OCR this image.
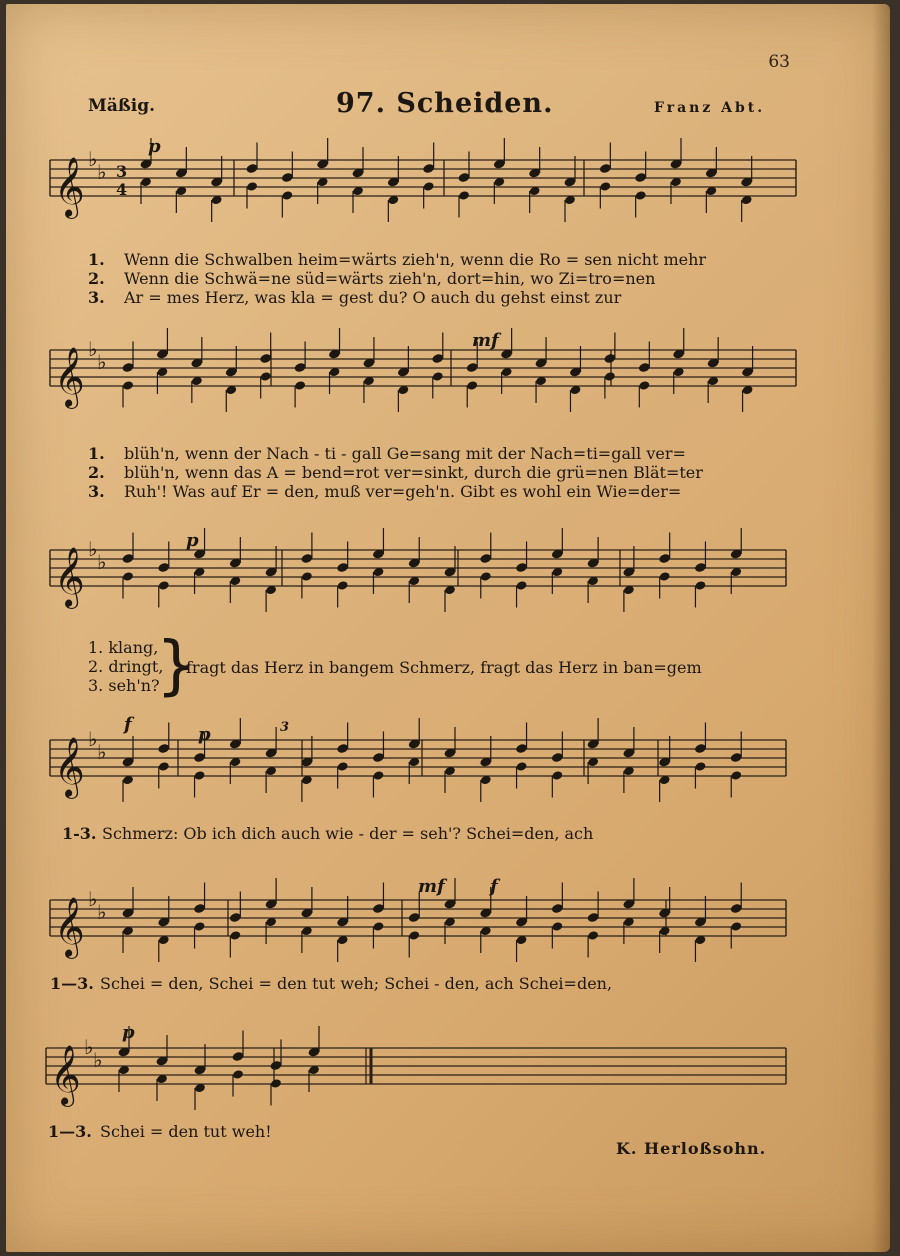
63
Mäßig.	97. Scheiden.	Franz Abt.
𝄞 ♭
♭ 3
4
p
1. Wenn die Schwalben heim=wärts zieh'n, wenn die Ro = sen nicht mehr
2. Wenn die Schwä=ne süd=wärts zieh'n, dort=hin, wo Zi=tro=nen
3. Ar = mes Herz, was kla = gest du? O auch du gehst einst zur
𝄞 ♭
♭
mf
1. blüh'n, wenn der Nach - ti - gall Ge=sang mit der Nach=ti=gall ver=
2. blüh'n, wenn das A = bend=rot ver=sinkt, durch die grü=nen Blät=ter
3. Ruh'! Was auf Er = den, muß ver=geh'n. Gibt es wohl ein Wie=der=
𝄞 ♭
♭
p
1. klang,
2. dringt,
3. seh'n?
}
fragt das Herz in bangem Schmerz, fragt das Herz in ban=gem
𝄞 ♭
♭
f	p	3
1-3. Schmerz: Ob ich dich auch wie - der = seh'? Schei=den, ach
𝄞 ♭
♭
mf	f
1—3. Schei = den, Schei = den tut weh; Schei - den, ach Schei=den,
𝄞 ♭
♭
p
1—3. Schei = den tut weh!
K. Herloßsohn.
